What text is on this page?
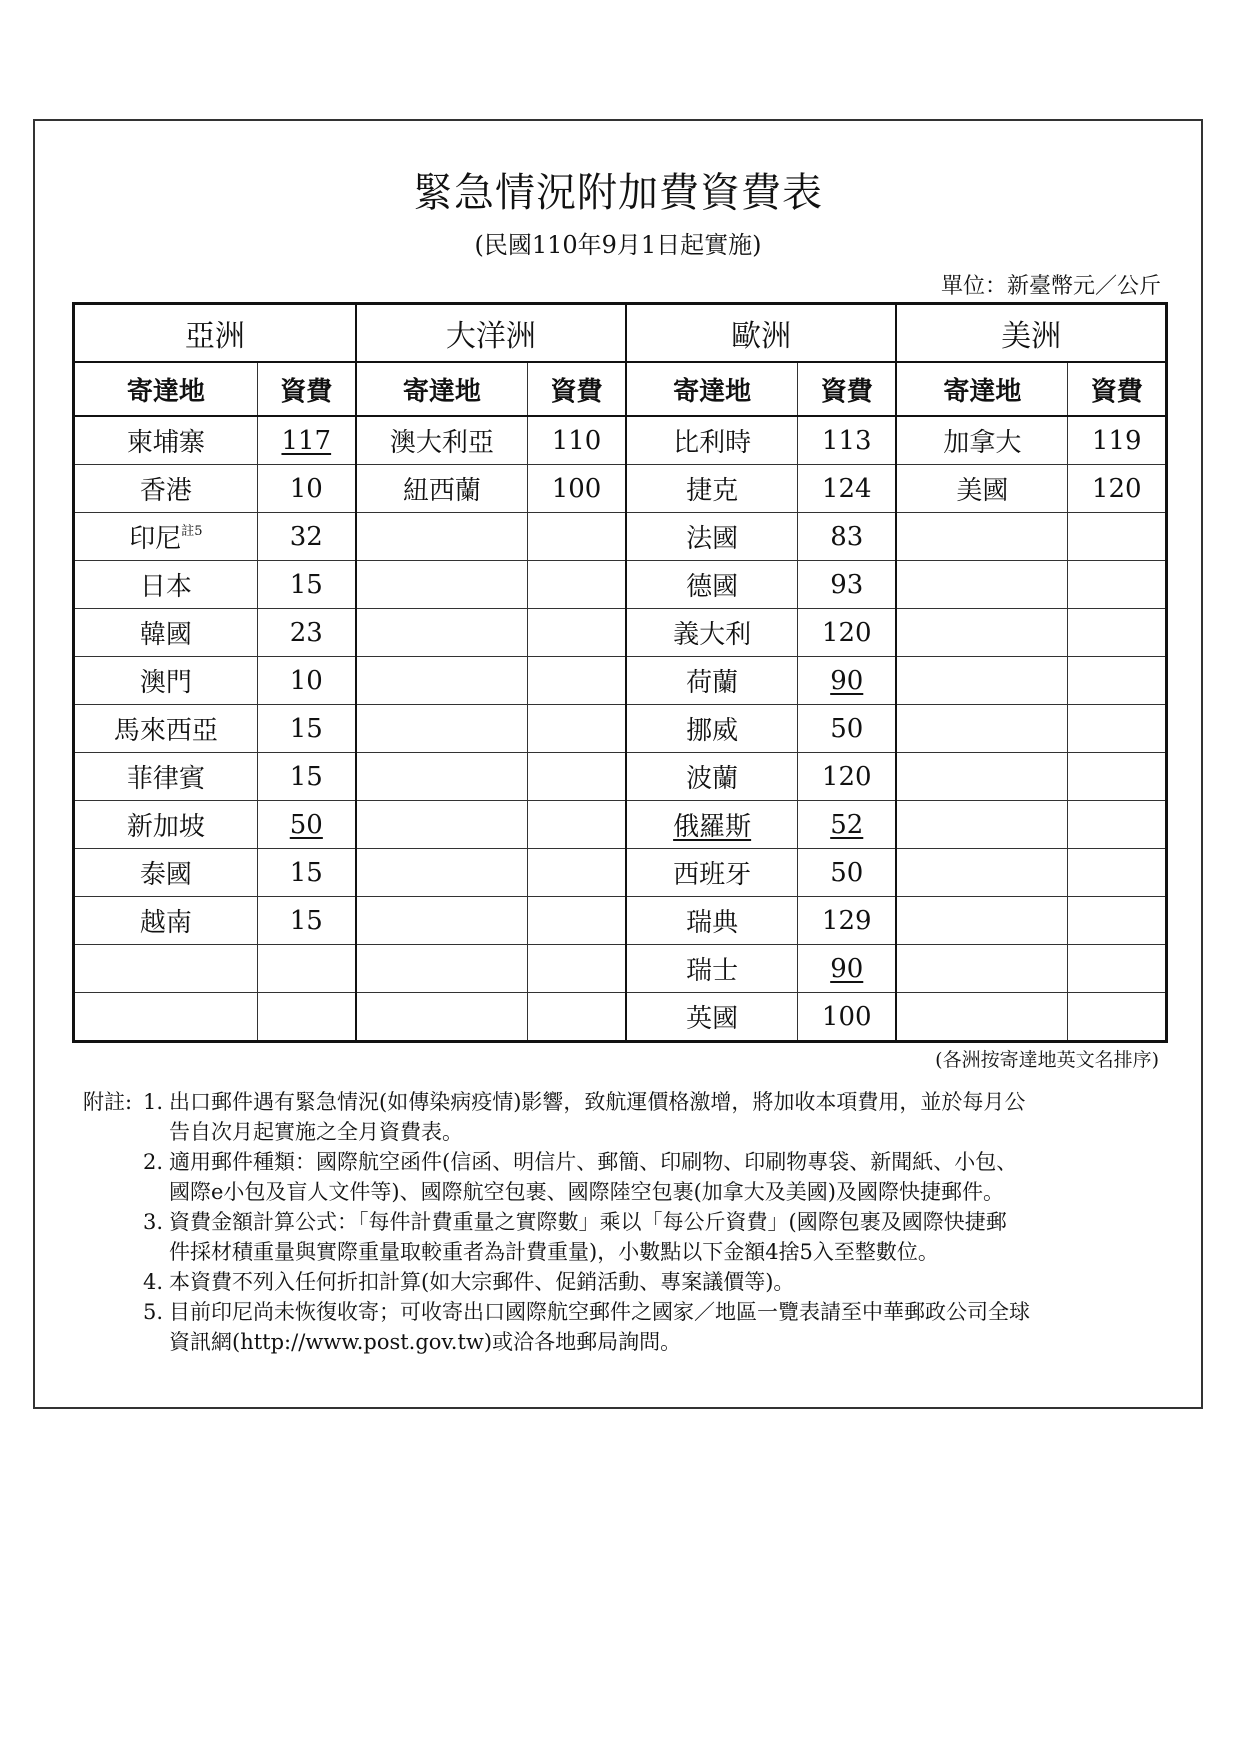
緊急情況附加費資費表
(民國110年9月1日起實施)
單位：新臺幣元／公斤
亞洲		大洋洲		歐洲		美洲	
寄達地	資費	寄達地	資費	寄達地	資費	寄達地	資費
柬埔寨	117	澳大利亞	110	比利時	113	加拿大	119
香港	10	紐西蘭	100	捷克	124	美國	120
印尼$^{註5}$	32			法國	83		
日本	15			德國	93		
韓國	23			義大利	120		
澳門	10			荷蘭	90		
馬來西亞	15			挪威	50		
菲律賓	15			波蘭	120		
新加坡	50			俄羅斯	52		
泰國	15			西班牙	50		
越南	15			瑞典	129		
				瑞士	90		
				英國	100		
(各洲按寄達地英文名排序)
附註: 1. 出口郵件遇有緊急情況(如傳染病疫情)影響，致航運價格激增，將加收本項費用，並於每月公
告自次月起實施之全月資費表。
2. 適用郵件種類：國際航空函件(信函、明信片、郵簡、印刷物、印刷物專袋、新聞紙、小包、
國際e小包及盲人文件等)、國際航空包裹、國際陸空包裹(加拿大及美國)及國際快捷郵件。
3. 資費金額計算公式：「每件計費重量之實際數」乘以「每公斤資費」(國際包裹及國際快捷郵
件採材積重量與實際重量取較重者為計費重量)，小數點以下金額4捨5入至整數位。
4. 本資費不列入任何折扣計算(如大宗郵件、促銷活動、專案議價等)。
5. 目前印尼尚未恢復收寄；可收寄出口國際航空郵件之國家／地區一覽表請至中華郵政公司全球
資訊網(http://www.post.gov.tw)或洽各地郵局詢問。
